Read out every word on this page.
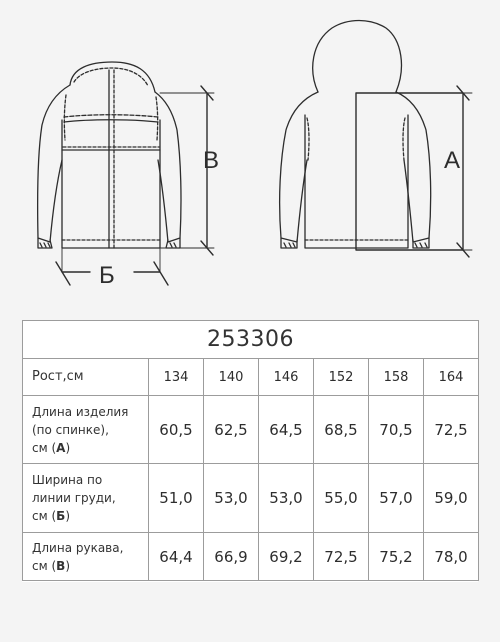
В
Б
А
253306						
Рост,см	134	140	146	152	158	164
Длина изделия
(по спинке),
см (А)	60,5	62,5	64,5	68,5	70,5	72,5
Ширина по
линии груди,
см (Б)	51,0	53,0	53,0	55,0	57,0	59,0
Длина рукава,
см (В)	64,4	66,9	69,2	72,5	75,2	78,0
